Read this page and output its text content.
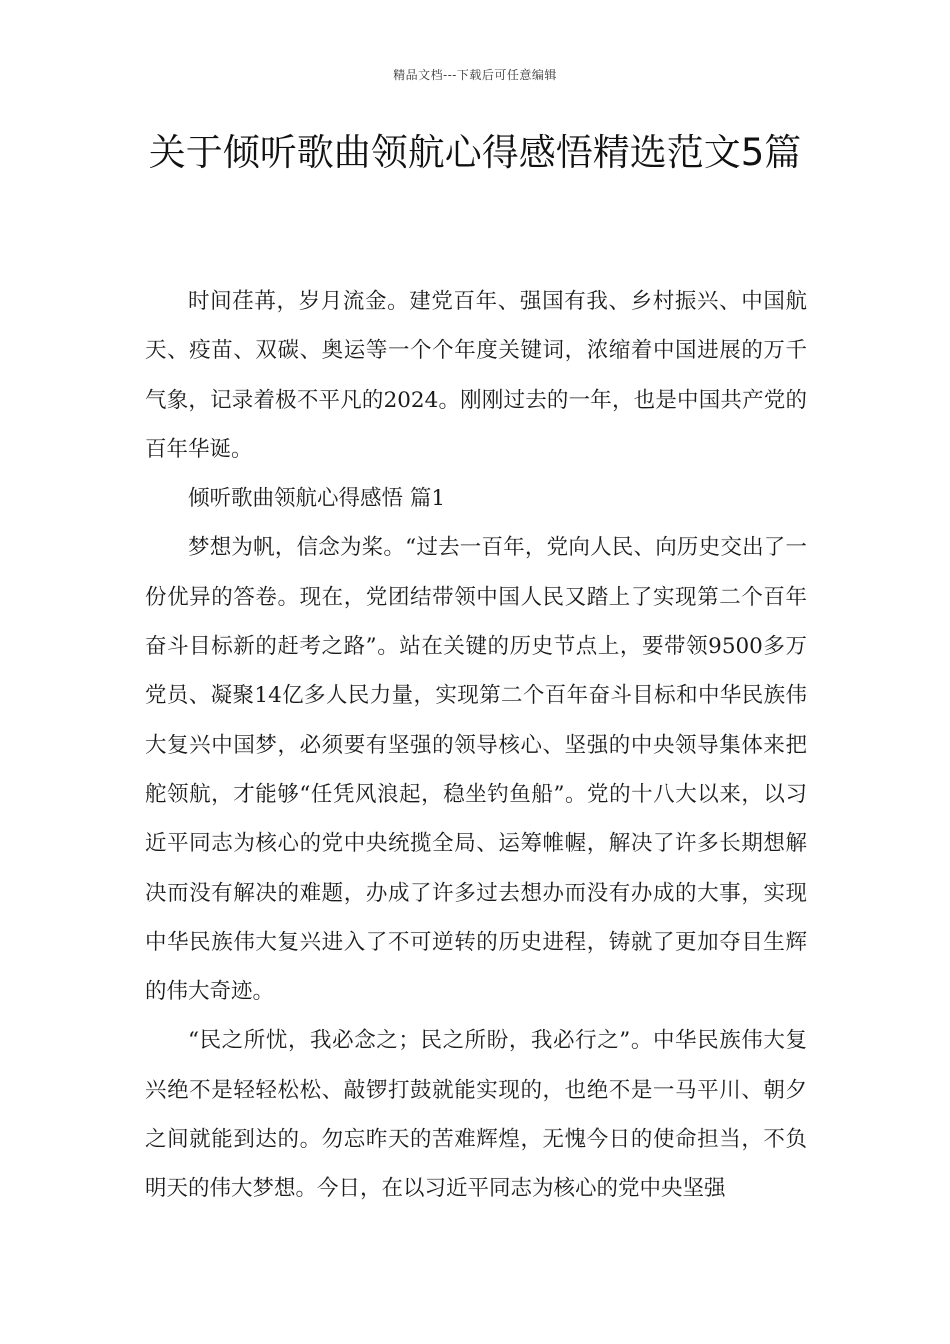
精品文档---下载后可任意编辑
关于倾听歌曲领航心得感悟精选范文5篇

时间荏苒，岁月流金。建党百年、强国有我、乡村振兴、中国航天、疫苗、双碳、奥运等一个个年度关键词，浓缩着中国进展的万千气象，记录着极不平凡的2024。刚刚过去的一年，也是中国共产党的百年华诞。

倾听歌曲领航心得感悟 篇1

梦想为帆，信念为桨。“过去一百年，党向人民、向历史交出了一份优异的答卷。现在，党团结带领中国人民又踏上了实现第二个百年奋斗目标新的赶考之路”。站在关键的历史节点上，要带领9500多万党员、凝聚14亿多人民力量，实现第二个百年奋斗目标和中华民族伟大复兴中国梦，必须要有坚强的领导核心、坚强的中央领导集体来把舵领航，才能够“任凭风浪起，稳坐钓鱼船”。党的十八大以来，以习近平同志为核心的党中央统揽全局、运筹帷幄，解决了许多长期想解决而没有解决的难题，办成了许多过去想办而没有办成的大事，实现中华民族伟大复兴进入了不可逆转的历史进程，铸就了更加夺目生辉的伟大奇迹。

“民之所忧，我必念之；民之所盼，我必行之”。中华民族伟大复兴绝不是轻轻松松、敲锣打鼓就能实现的，也绝不是一马平川、朝夕之间就能到达的。勿忘昨天的苦难辉煌，无愧今日的使命担当，不负明天的伟大梦想。今日，在以习近平同志为核心的党中央坚强
